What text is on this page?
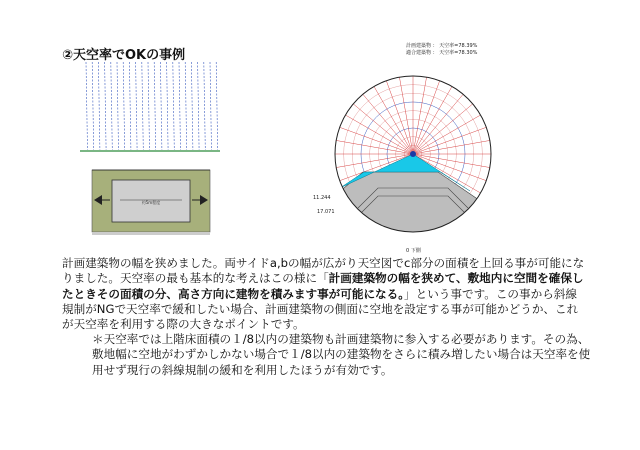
②天空率でOKの事例
約5m程度
計画建築物 ： 天空率=78.39%
適合建築物 ： 天空率=78.30%
11.244
17.071
0 下側
計画建築物の幅を狭めました。両サイドa,bの幅が広がり天空図でc部分の面積を上回る事が可能になりました。天空率の最も基本的な考えはこの様に「計画建築物の幅を狭めて、敷地内に空間を確保したときその面積の分、高さ方向に建物を積みます事が可能になる。」という事です。この事から斜線規制がNGで天空率で緩和したい場合、計画建築物の側面に空地を設定する事が可能かどうか、これが天空率を利用する際の大きなポイントです。
＊天空率では上階床面積の１/8以内の建築物も計画建築物に参入する必要があります。その為、敷地幅に空地がわずかしかない場合で１/8以内の建築物をさらに積み増したい場合は天空率を使用せず現行の斜線規制の緩和を利用したほうが有効です。
